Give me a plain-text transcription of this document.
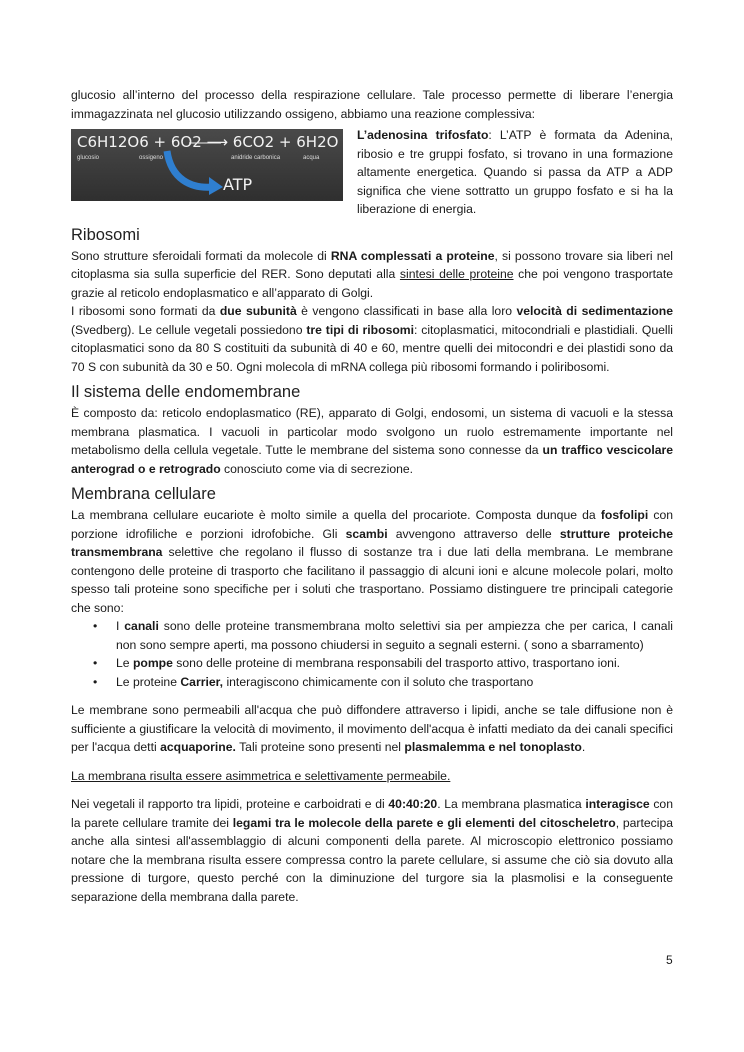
glucosio all’interno del processo della respirazione cellulare. Tale processo permette di liberare l’energia immagazzinata nel glucosio utilizzando ossigeno, abbiamo una reazione complessiva:

C6H12O6 + 6O2 ⟶ 6CO2 + 6H2O
glucosio	ossigeno	anidride carbonica	acqua
ATP

L’adenosina trifosfato: L’ATP è formata da Adenina, ribosio e tre gruppi fosfato, si trovano in una formazione altamente energetica. Quando si passa da ATP a ADP significa che viene sottratto un gruppo fosfato e si ha la liberazione di energia.

Ribosomi

Sono strutture sferoidali formati da molecole di RNA complessati a proteine, si possono trovare sia liberi nel citoplasma sia sulla superficie del RER. Sono deputati alla sintesi delle proteine che poi vengono trasportate grazie al reticolo endoplasmatico e all’apparato di Golgi.

I ribosomi sono formati da due subunità è vengono classificati in base alla loro velocità di sedimentazione (Svedberg). Le cellule vegetali possiedono tre tipi di ribosomi: citoplasmatici, mitocondriali e plastidiali. Quelli citoplasmatici sono da 80 S costituiti da subunità di 40 e 60, mentre quelli dei mitocondri e dei plastidi sono da 70 S con subunità da 30 e 50. Ogni molecola di mRNA collega più ribosomi formando i poliribosomi.

Il sistema delle endomembrane

È composto da: reticolo endoplasmatico (RE), apparato di Golgi, endosomi, un sistema di vacuoli e la stessa membrana plasmatica. I vacuoli in particolar modo svolgono un ruolo estremamente importante nel metabolismo della cellula vegetale. Tutte le membrane del sistema sono connesse da un traffico vescicolare anterograd o e retrogrado conosciuto come via di secrezione.

Membrana cellulare

La membrana cellulare eucariote è molto simile a quella del procariote. Composta dunque da fosfolipi con porzione idrofiliche e porzioni idrofobiche. Gli scambi avvengono attraverso delle strutture proteiche transmembrana selettive che regolano il flusso di sostanze tra i due lati della membrana. Le membrane contengono delle proteine di trasporto che facilitano il passaggio di alcuni ioni e alcune molecole polari, molto spesso tali proteine sono specifiche per i soluti che trasportano. Possiamo distinguere tre principali categorie che sono:

• I canali sono delle proteine transmembrana molto selettivi sia per ampiezza che per carica, I canali non sono sempre aperti, ma possono chiudersi in seguito a segnali esterni. ( sono a sbarramento)
• Le pompe sono delle proteine di membrana responsabili del trasporto attivo, trasportano ioni.
• Le proteine Carrier, interagiscono chimicamente con il soluto che trasportano

Le membrane sono permeabili all'acqua che può diffondere attraverso i lipidi, anche se tale diffusione non è sufficiente a giustificare la velocità di movimento, il movimento dell'acqua è infatti mediato da dei canali specifici per l'acqua detti acquaporine. Tali proteine sono presenti nel plasmalemma e nel tonoplasto.

La membrana risulta essere asimmetrica e selettivamente permeabile.

Nei vegetali il rapporto tra lipidi, proteine e carboidrati e di 40:40:20. La membrana plasmatica interagisce con la parete cellulare tramite dei legami tra le molecole della parete e gli elementi del citoscheletro, partecipa anche alla sintesi all'assemblaggio di alcuni componenti della parete. Al microscopio elettronico possiamo notare che la membrana risulta essere compressa contro la parete cellulare, si assume che ciò sia dovuto alla pressione di turgore, questo perché con la diminuzione del turgore sia la plasmolisi e la conseguente separazione della membrana dalla parete.

5
